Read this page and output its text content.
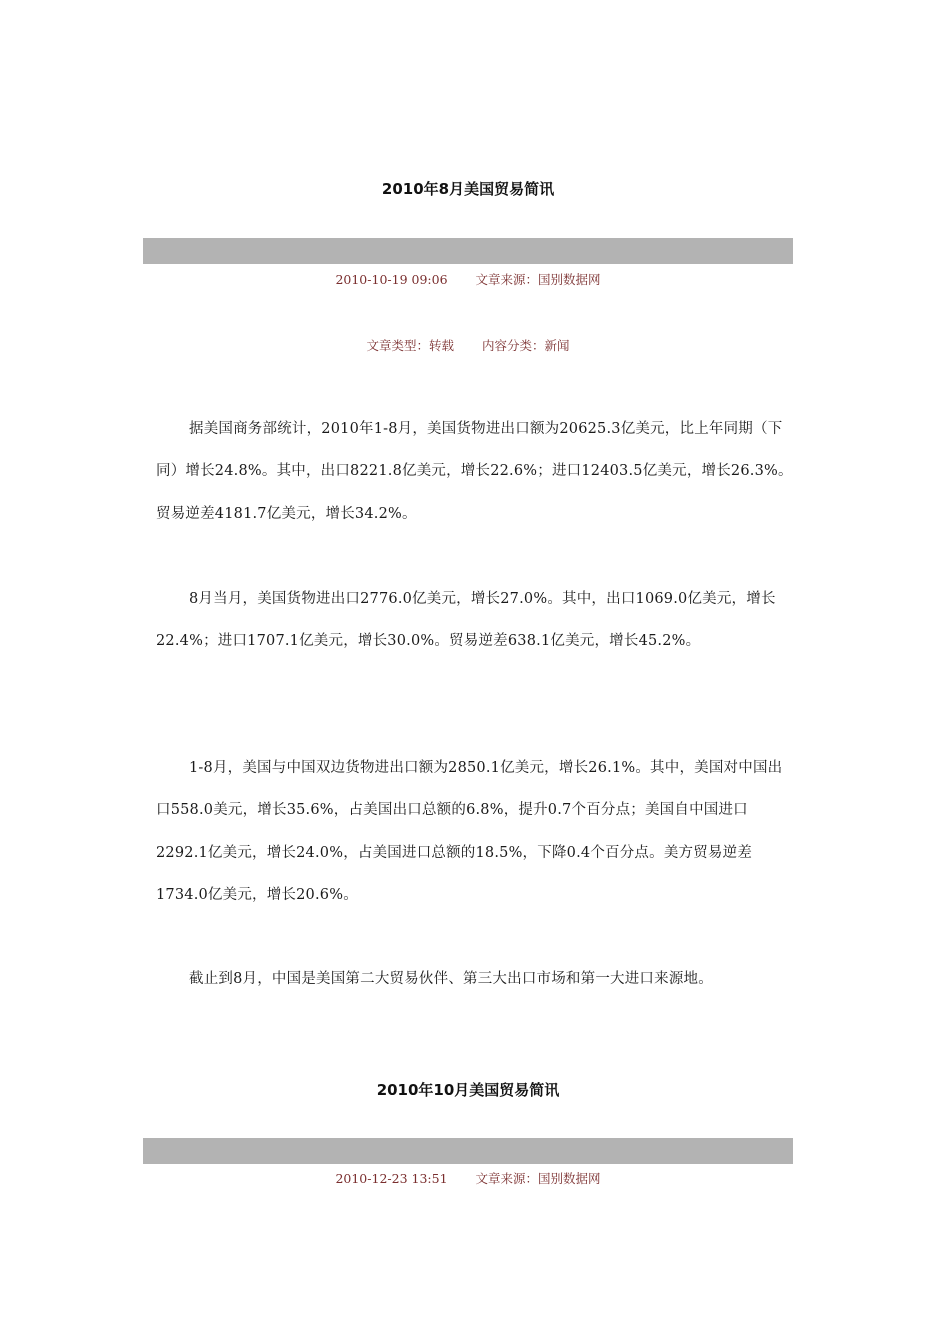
2010年8月美国贸易简讯
2010-10-19 09:06 文章来源：国别数据网
文章类型：转载 内容分类：新闻

据美国商务部统计，2010年1-8月，美国货物进出口额为20625.3亿美元，比上年同期（下同）增长24.8%。其中，出口8221.8亿美元，增长22.6%；进口12403.5亿美元，增长26.3%。贸易逆差4181.7亿美元，增长34.2%。

8月当月，美国货物进出口2776.0亿美元，增长27.0%。其中，出口1069.0亿美元，增长22.4%；进口1707.1亿美元，增长30.0%。贸易逆差638.1亿美元，增长45.2%。

1-8月，美国与中国双边货物进出口额为2850.1亿美元，增长26.1%。其中，美国对中国出口558.0美元，增长35.6%，占美国出口总额的6.8%，提升0.7个百分点；美国自中国进口2292.1亿美元，增长24.0%，占美国进口总额的18.5%，下降0.4个百分点。美方贸易逆差1734.0亿美元，增长20.6%。

截止到8月，中国是美国第二大贸易伙伴、第三大出口市场和第一大进口来源地。

2010年10月美国贸易简讯
2010-12-23 13:51 文章来源：国别数据网
